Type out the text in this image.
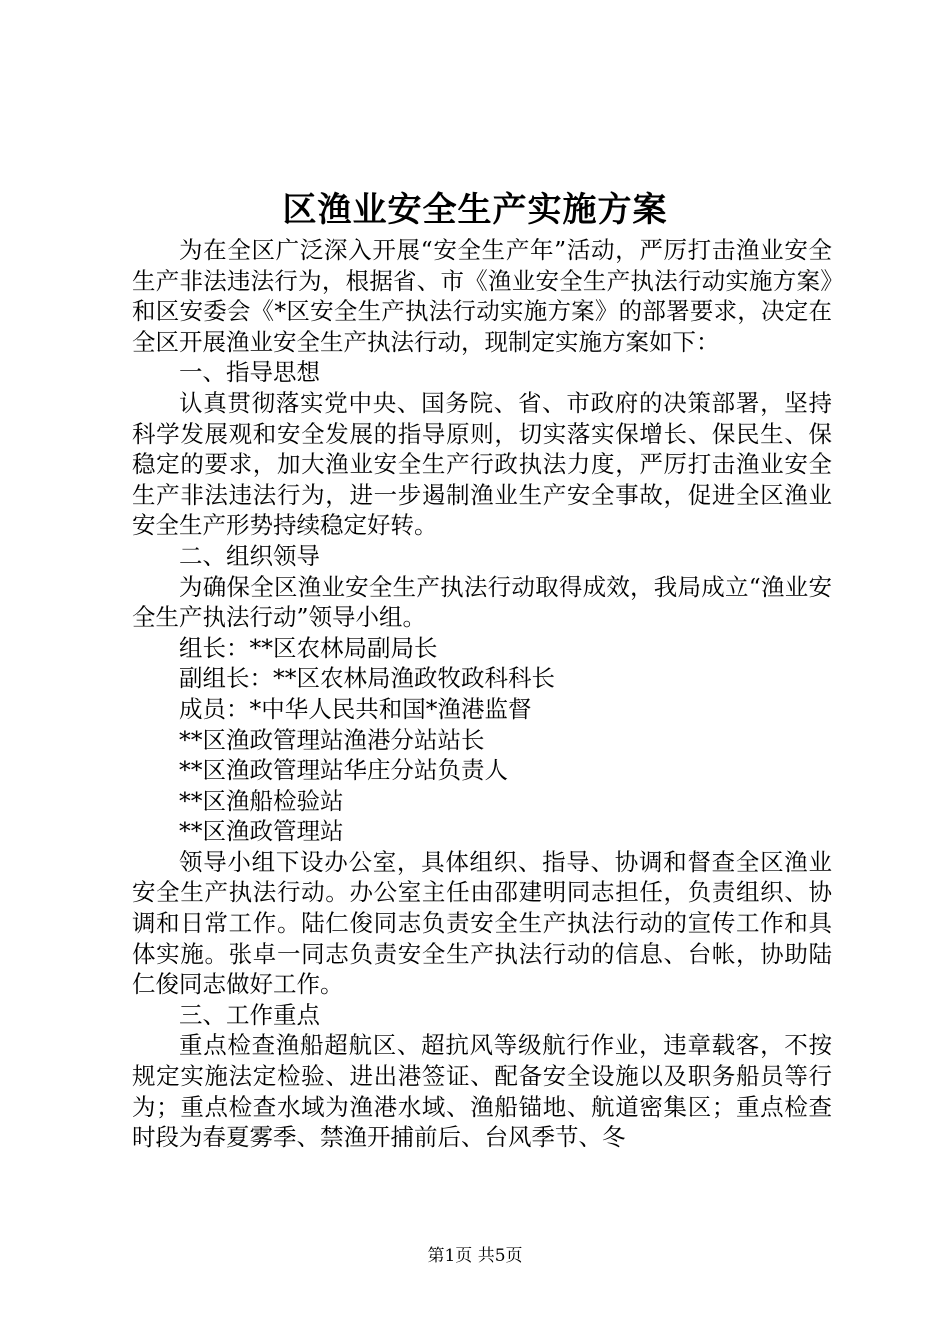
区渔业安全生产实施方案

为在全区广泛深入开展“安全生产年”活动，严厉打击渔业安全生产非法违法行为，根据省、市《渔业安全生产执法行动实施方案》和区安委会《*区安全生产执法行动实施方案》的部署要求，决定在全区开展渔业安全生产执法行动，现制定实施方案如下：

一、指导思想

认真贯彻落实党中央、国务院、省、市政府的决策部署，坚持科学发展观和安全发展的指导原则，切实落实保增长、保民生、保稳定的要求，加大渔业安全生产行政执法力度，严厉打击渔业安全生产非法违法行为，进一步遏制渔业生产安全事故，促进全区渔业安全生产形势持续稳定好转。

二、组织领导

为确保全区渔业安全生产执法行动取得成效，我局成立“渔业安全生产执法行动”领导小组。

组长：**区农林局副局长

副组长：**区农林局渔政牧政科科长

成员：*中华人民共和国*渔港监督

**区渔政管理站渔港分站站长

**区渔政管理站华庄分站负责人

**区渔船检验站

**区渔政管理站

领导小组下设办公室，具体组织、指导、协调和督查全区渔业安全生产执法行动。办公室主任由邵建明同志担任，负责组织、协调和日常工作。陆仁俊同志负责安全生产执法行动的宣传工作和具体实施。张卓一同志负责安全生产执法行动的信息、台帐，协助陆仁俊同志做好工作。

三、工作重点

重点检查渔船超航区、超抗风等级航行作业，违章载客，不按规定实施法定检验、进出港签证、配备安全设施以及职务船员等行为；重点检查水域为渔港水域、渔船锚地、航道密集区；重点检查时段为春夏雾季、禁渔开捕前后、台风季节、冬

第1页 共5页
